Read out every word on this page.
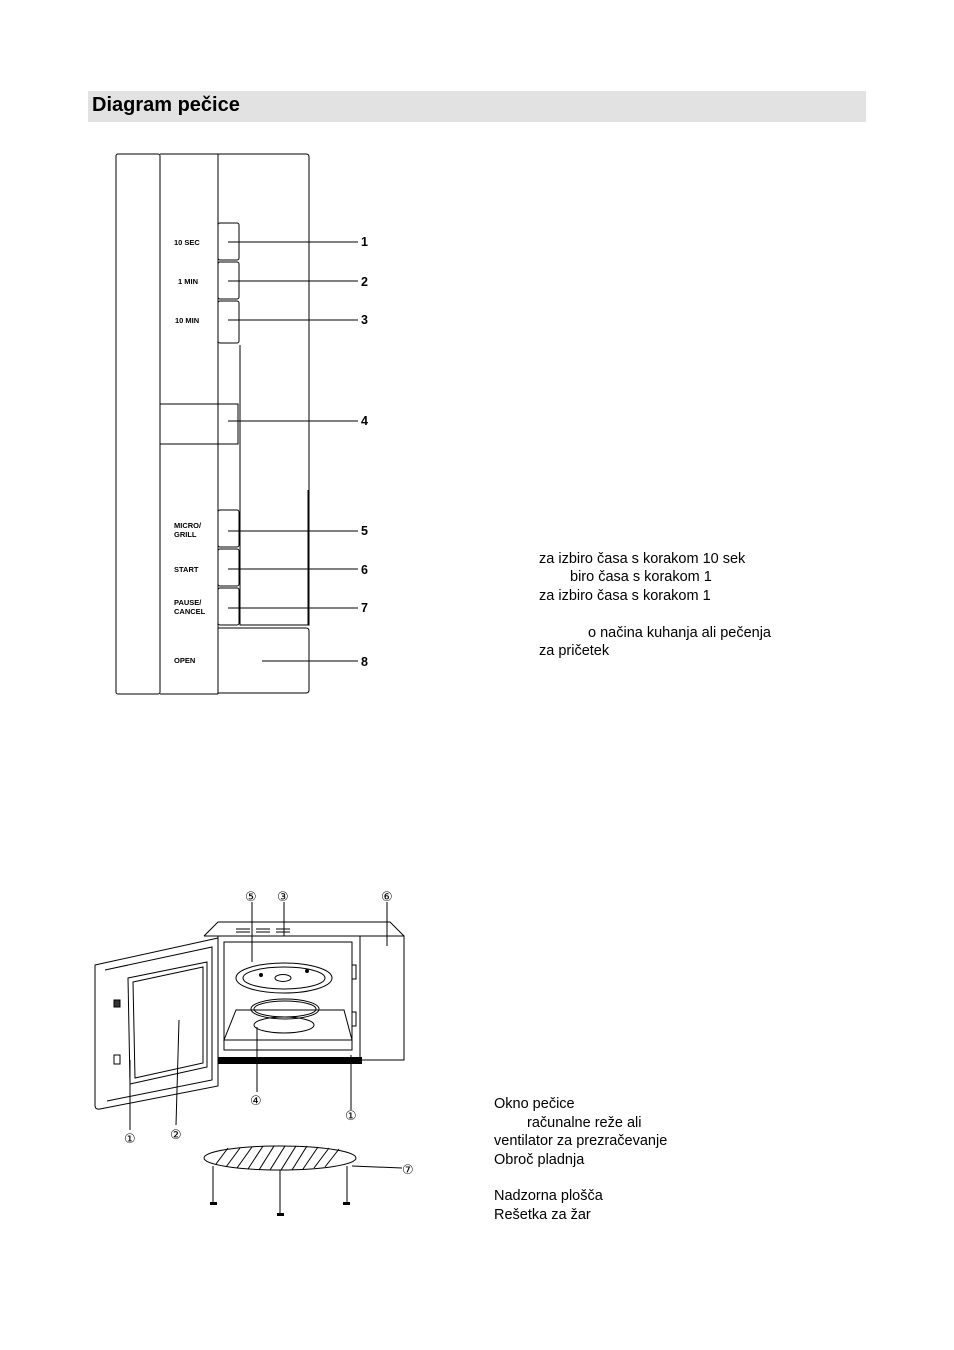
Diagram pečice
10 SEC
1 MIN
10 MIN
MICRO/
GRILL
START
PAUSE/
CANCEL
OPEN
1
2
3
4
5
6
7
8
⑤ ③	⑥
④
①
①	②
⑦
za izbiro časa s korakom 10 sek
biro časa s korakom 1
za izbiro časa s korakom 1
o načina kuhanja ali pečenja
za pričetek
Okno pečice
računalne reže ali
ventilator za prezračevanje
Obroč pladnja
Nadzorna plošča
Rešetka za žar
